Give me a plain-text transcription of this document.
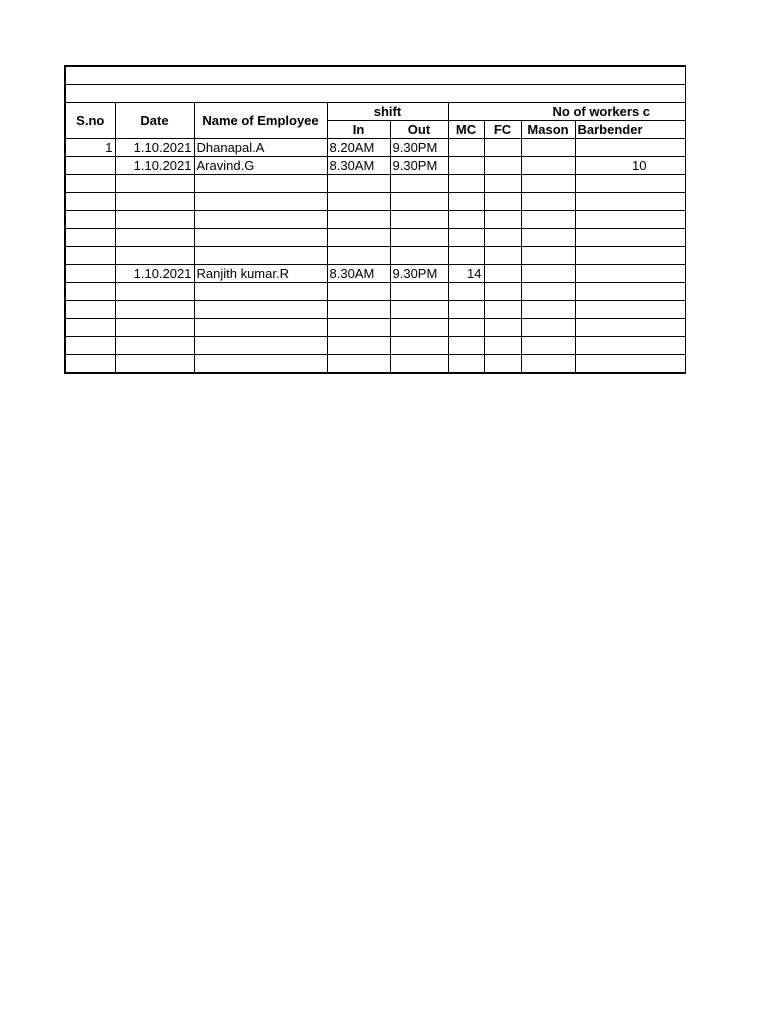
S.no	Date	Name of Employee	shift		No of workers c			
			In	Out	MC	FC	Mason	Barbender

1	1.10.2021	Dhanapal.A	8.20AM	9.30PM				
	1.10.2021	Aravind.G	8.30AM	9.30PM				10

	1.10.2021	Ranjith kumar.R	8.30AM	9.30PM	14			
